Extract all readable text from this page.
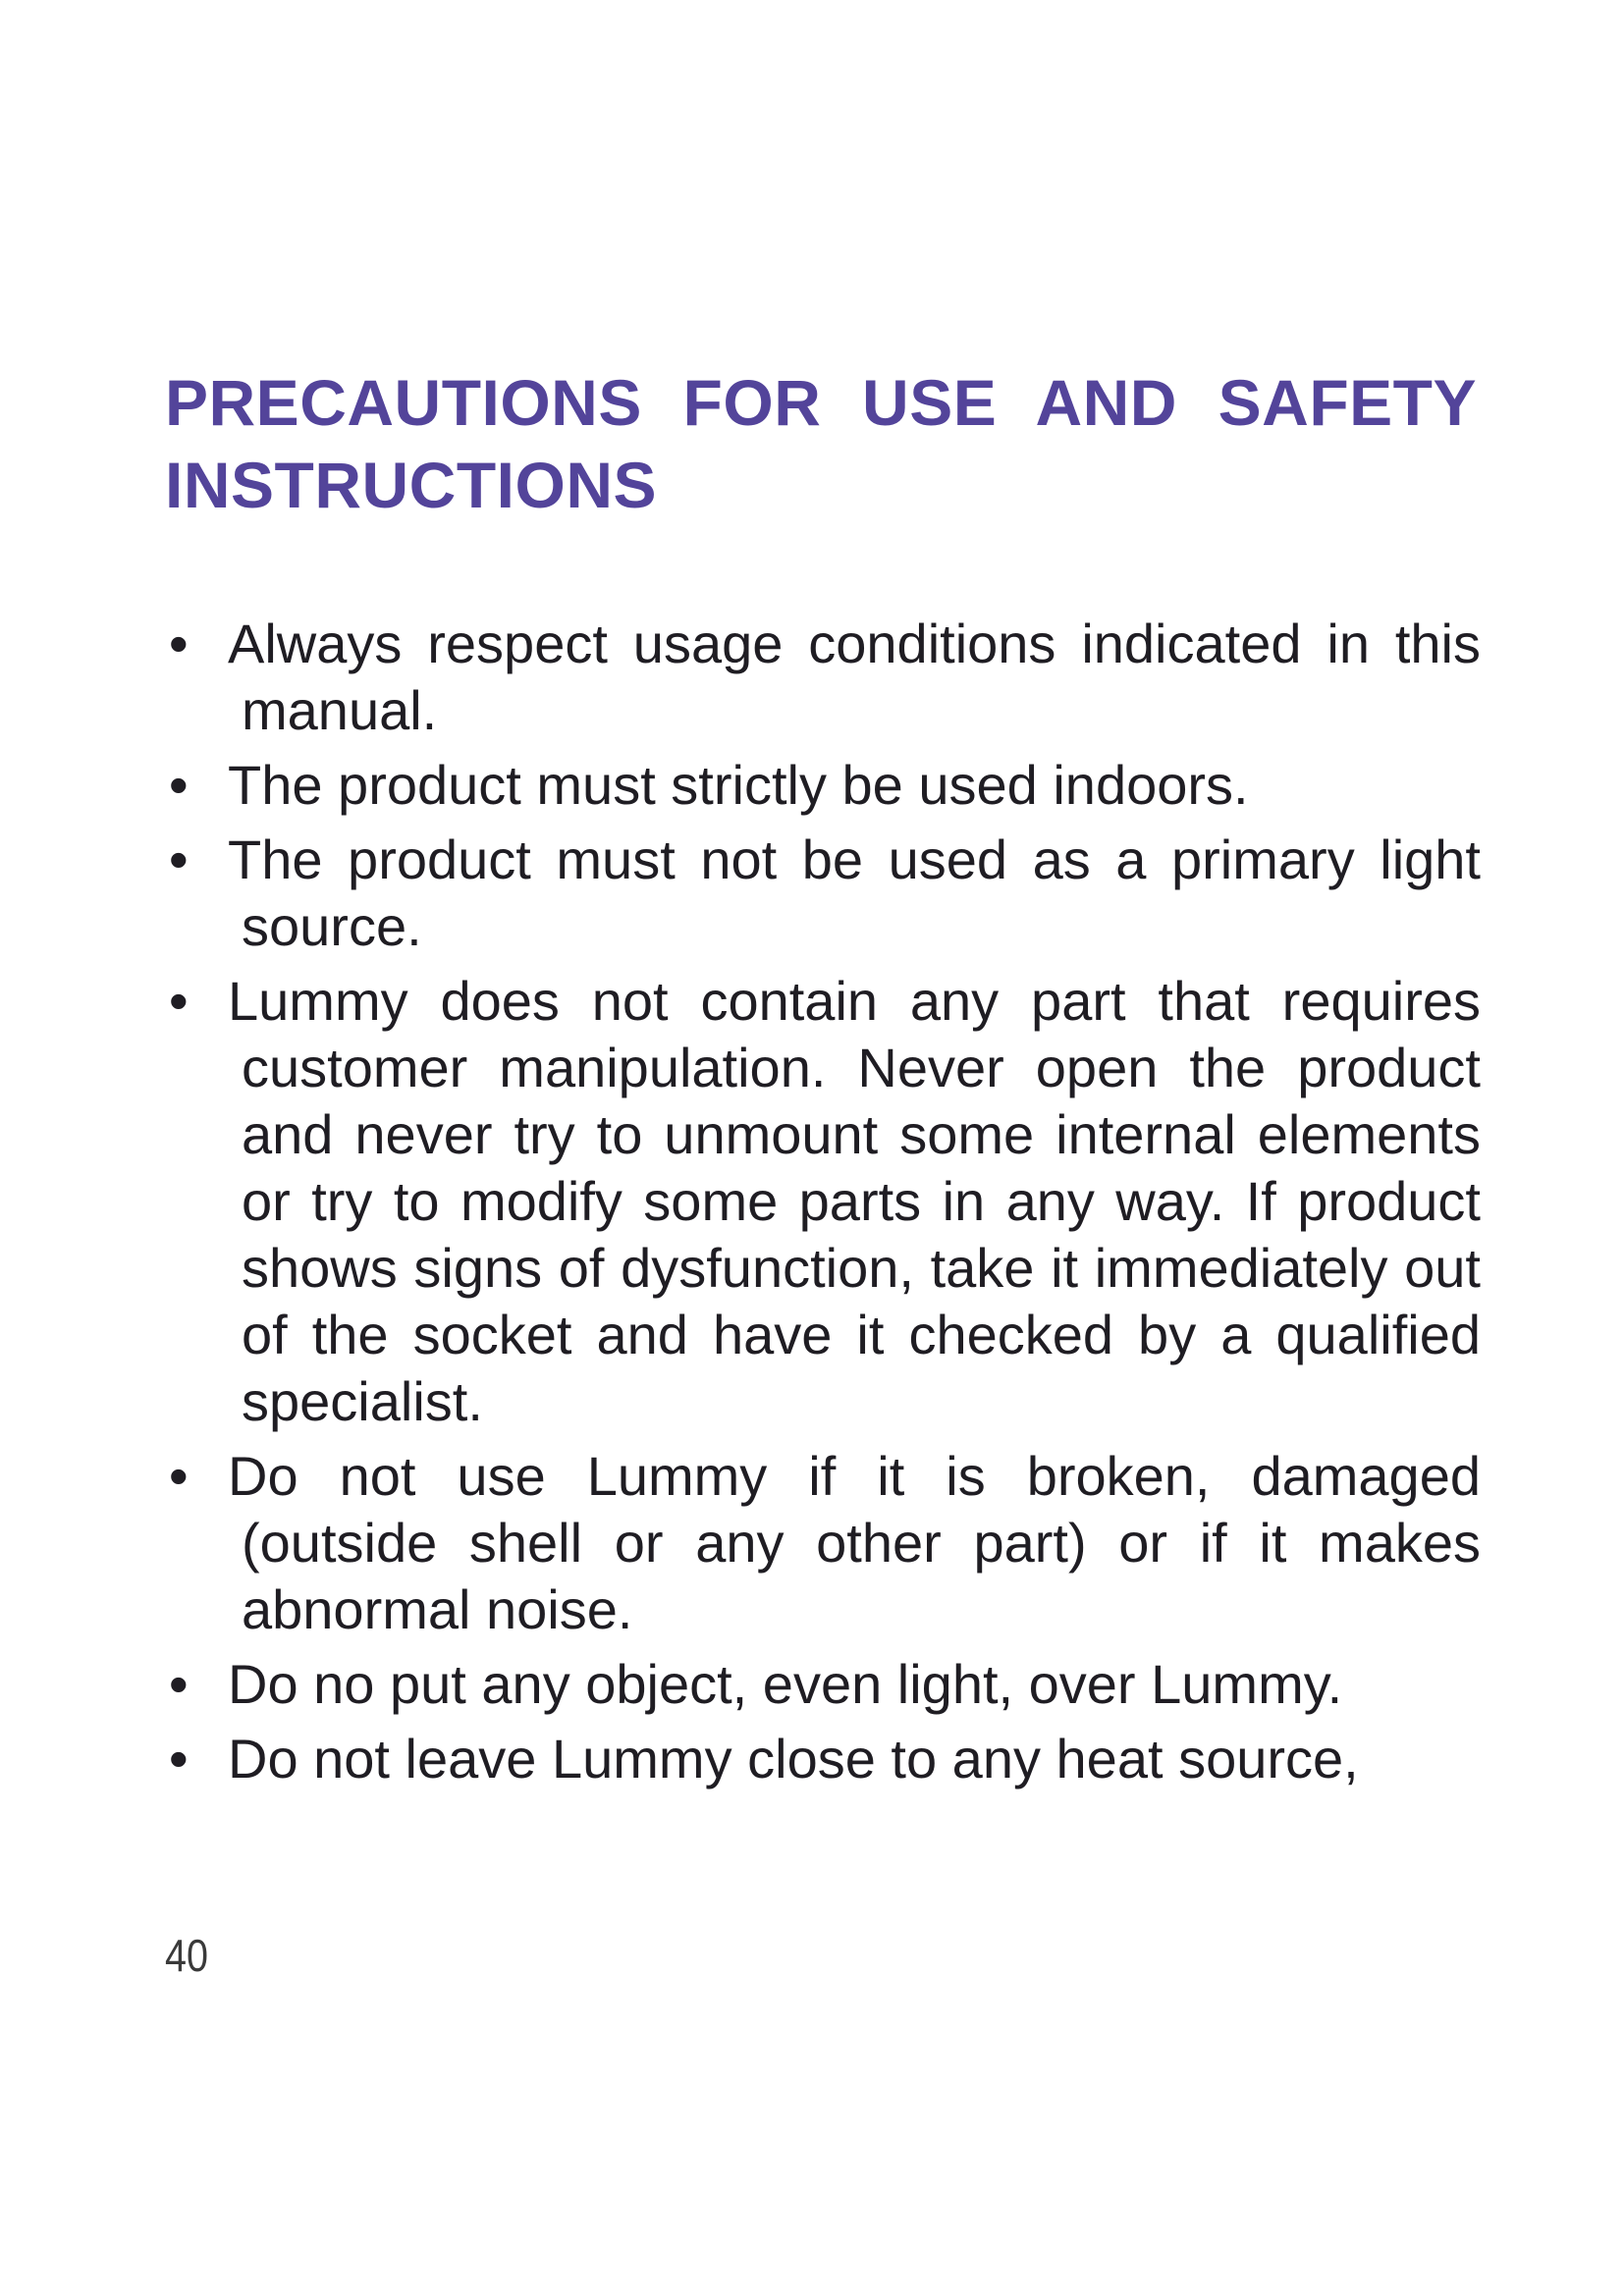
PRECAUTIONS FOR USE AND SAFETY
INSTRUCTIONS
• Always respect usage conditions indicated in this manual.
• The product must strictly be used indoors.
• The product must not be used as a primary light source.
• Lummy does not contain any part that requires customer manipulation. Never open the product and never try to unmount some internal elements or try to modify some parts in any way. If product shows signs of dysfunction, take it immediately out of the socket and have it checked by a qualified specialist.
• Do not use Lummy if it is broken, damaged (outside shell or any other part) or if it makes abnormal noise.
• Do no put any object, even light, over Lummy.
• Do not leave Lummy close to any heat source,
40
